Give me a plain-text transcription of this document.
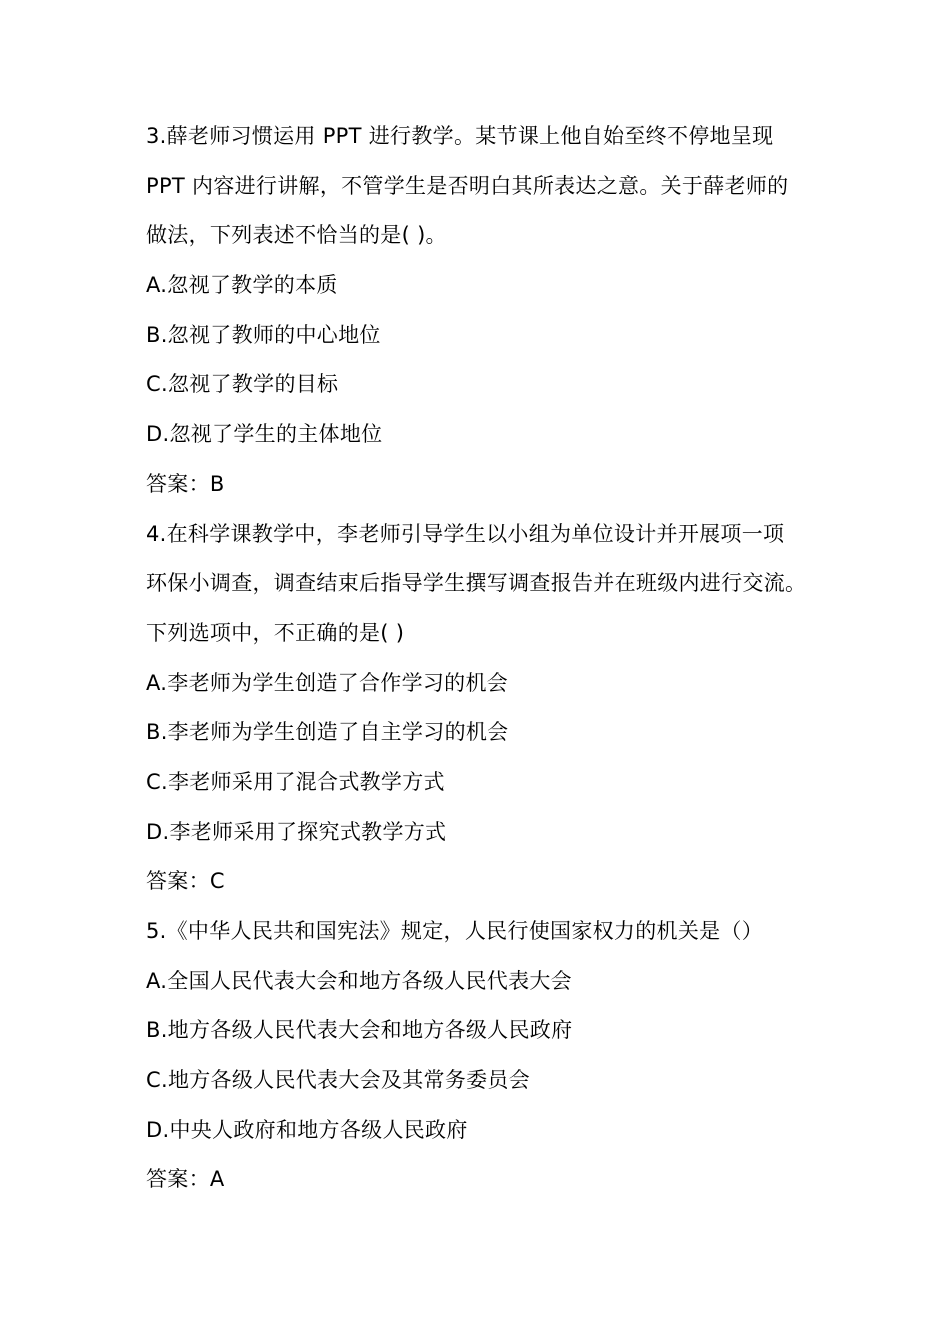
3.薛老师习惯运用 PPT 进行教学。某节课上他自始至终不停地呈现
PPT 内容进行讲解，不管学生是否明白其所表达之意。关于薛老师的
做法，下列表述不恰当的是( )。
A.忽视了教学的本质
B.忽视了教师的中心地位
C.忽视了教学的目标
D.忽视了学生的主体地位
答案：B
4.在科学课教学中，李老师引导学生以小组为单位设计并开展项一项
环保小调查，调查结束后指导学生撰写调查报告并在班级内进行交流。
下列选项中，不正确的是( )
A.李老师为学生创造了合作学习的机会
B.李老师为学生创造了自主学习的机会
C.李老师采用了混合式教学方式
D.李老师采用了探究式教学方式
答案：C
5.《中华人民共和国宪法》规定，人民行使国家权力的机关是（）
A.全国人民代表大会和地方各级人民代表大会
B.地方各级人民代表大会和地方各级人民政府
C.地方各级人民代表大会及其常务委员会
D.中央人政府和地方各级人民政府
答案：A
